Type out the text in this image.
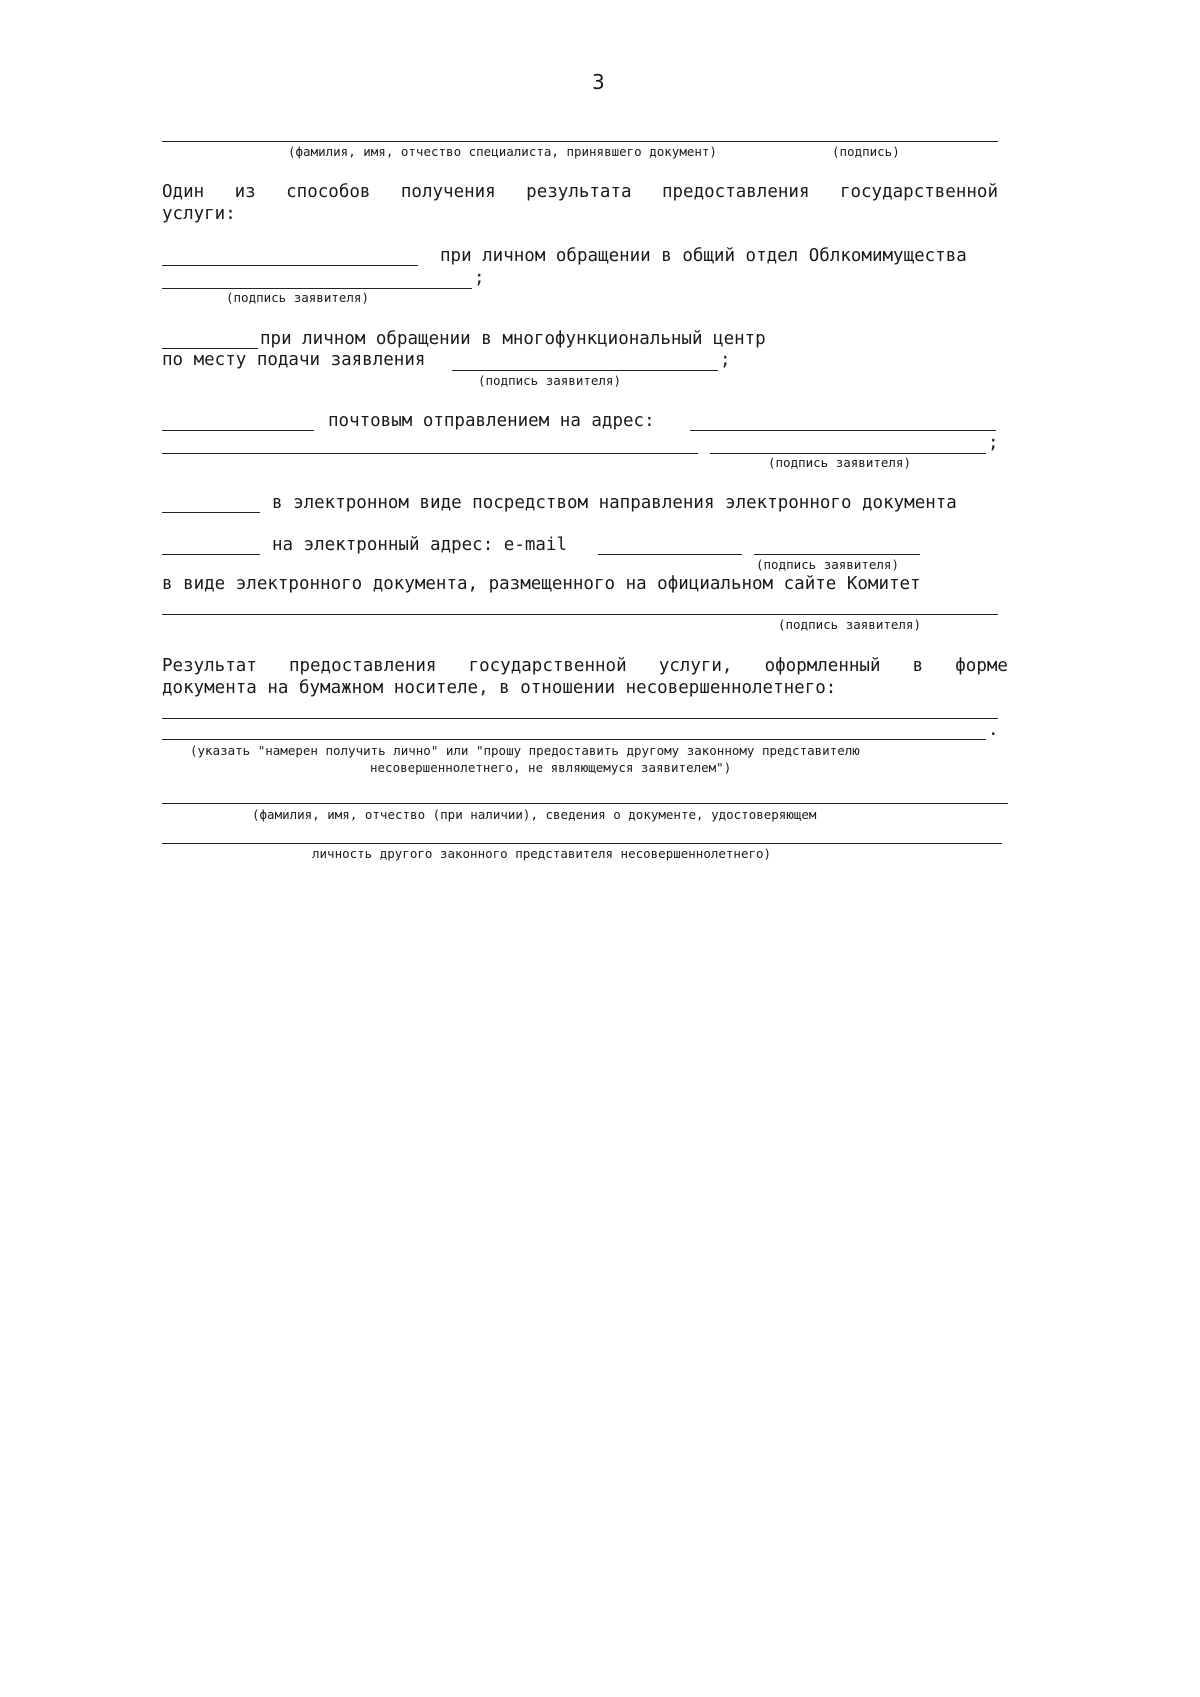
3
(фамилия, имя, отчество специалиста, принявшего документ)	(подпись)
Один из способов получения результата предоставления государственной
услуги:
при личном обращении в общий отдел Облкомимущества
;
(подпись заявителя)
при личном обращении в многофункциональный центр
по месту подачи заявления	;
(подпись заявителя)
почтовым отправлением на адрес:
;
(подпись заявителя)
в электронном виде посредством направления электронного документа
на электронный адрес: e-mail
(подпись заявителя)
в виде электронного документа, размещенного на официальном сайте Комитет
(подпись заявителя)
Результат предоставления государственной услуги, оформленный в форме
документа на бумажном носителе, в отношении несовершеннолетнего:
.
(указать "намерен получить лично" или "прошу предоставить другому законному представителю
несовершеннолетнего, не являющемуся заявителем")
(фамилия, имя, отчество (при наличии), сведения о документе, удостоверяющем
личность другого законного представителя несовершеннолетнего)
